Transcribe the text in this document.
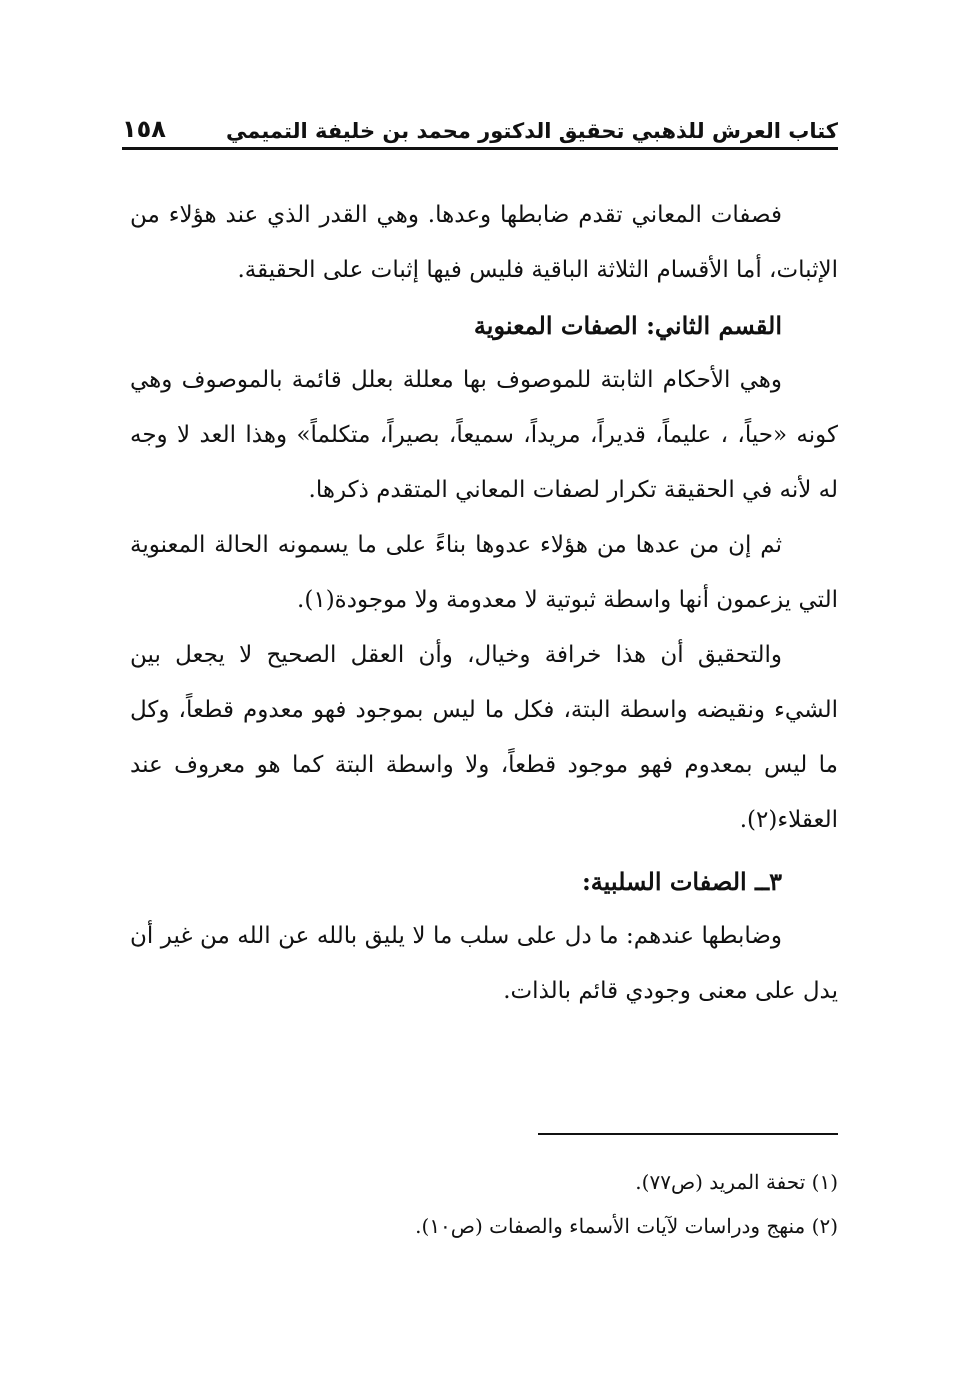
كتاب العرش للذهبي تحقيق الدكتور محمد بن خليفة التميمي
١٥٨

فصفات المعاني تقدم ضابطها وعدها. وهي القدر الذي عند هؤلاء من الإثبات، أما الأقسام الثلاثة الباقية فليس فيها إثبات على الحقيقة.

القسم الثاني: الصفات المعنوية

وهي الأحكام الثابتة للموصوف بها معللة بعلل قائمة بالموصوف وهي كونه «حياً، ، عليماً، قديراً، مريداً، سميعاً، بصيراً، متكلماً» وهذا العد لا وجه له لأنه في الحقيقة تكرار لصفات المعاني المتقدم ذكرها.

ثم إن من عدها من هؤلاء عدوها بناءً على ما يسمونه الحالة المعنوية التي يزعمون أنها واسطة ثبوتية لا معدومة ولا موجودة(١).

والتحقيق أن هذا خرافة وخيال، وأن العقل الصحيح لا يجعل بين الشيء ونقيضه واسطة البتة، فكل ما ليس بموجود فهو معدوم قطعاً، وكل ما ليس بمعدوم فهو موجود قطعاً، ولا واسطة البتة كما هو معروف عند العقلاء(٢).

٣ــ الصفات السلبية:

وضابطها عندهم: ما دل على سلب ما لا يليق بالله عن الله من غير أن يدل على معنى وجودي قائم بالذات.

(١) تحفة المريد (ص٧٧).
(٢) منهج ودراسات لآيات الأسماء والصفات (ص١٠).
